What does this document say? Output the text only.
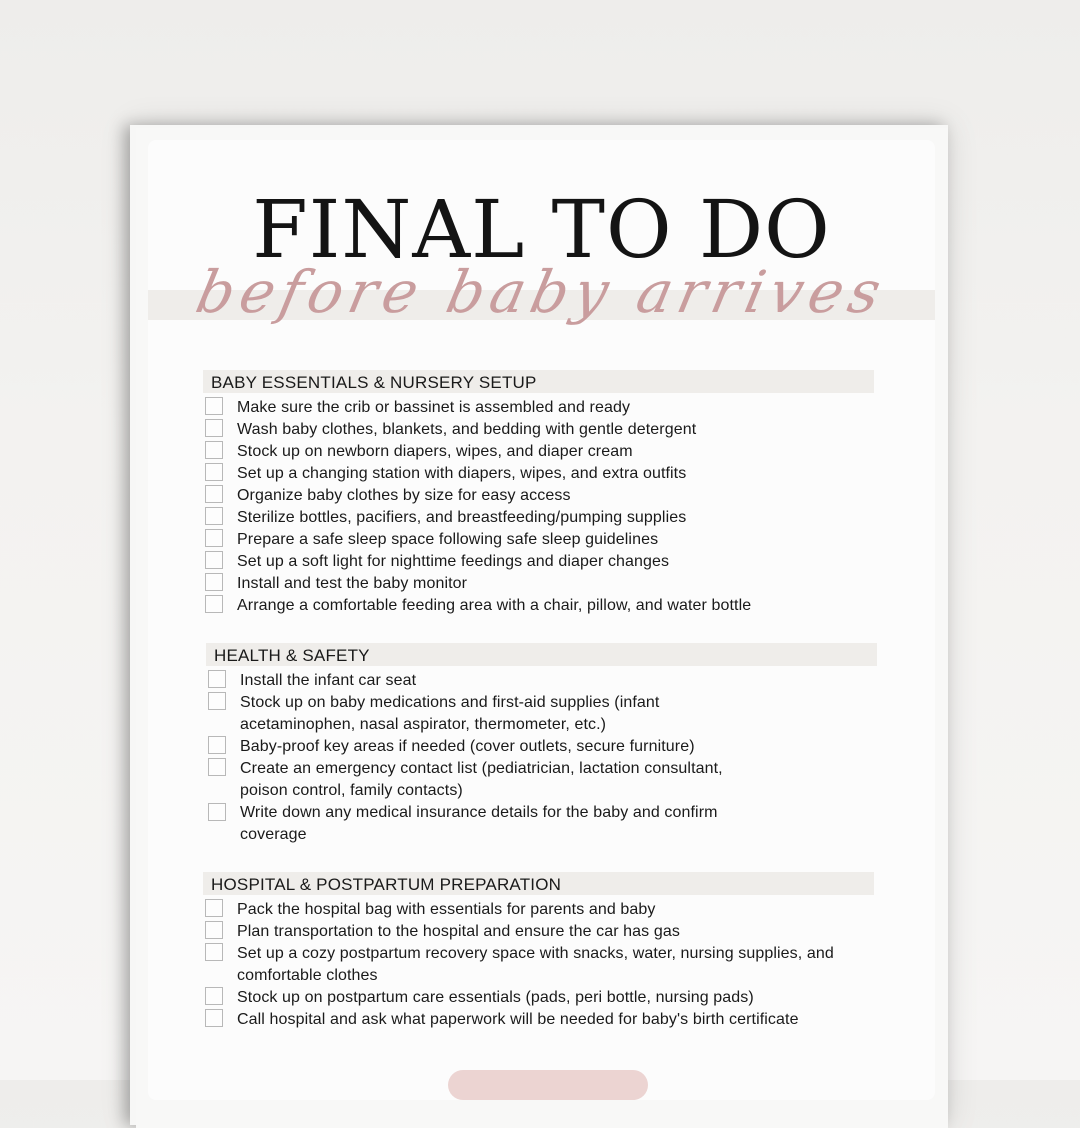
FINAL TO DO
before baby arrives
BABY ESSENTIALS & NURSERY SETUP
Make sure the crib or bassinet is assembled and ready
Wash baby clothes, blankets, and bedding with gentle detergent
Stock up on newborn diapers, wipes, and diaper cream
Set up a changing station with diapers, wipes, and extra outfits
Organize baby clothes by size for easy access
Sterilize bottles, pacifiers, and breastfeeding/pumping supplies
Prepare a safe sleep space following safe sleep guidelines
Set up a soft light for nighttime feedings and diaper changes
Install and test the baby monitor
Arrange a comfortable feeding area with a chair, pillow, and water bottle
HEALTH & SAFETY
Install the infant car seat
Stock up on baby medications and first-aid supplies (infant acetaminophen, nasal aspirator, thermometer, etc.)
Baby-proof key areas if needed (cover outlets, secure furniture)
Create an emergency contact list (pediatrician, lactation consultant, poison control, family contacts)
Write down any medical insurance details for the baby and confirm coverage
HOSPITAL & POSTPARTUM PREPARATION
Pack the hospital bag with essentials for parents and baby
Plan transportation to the hospital and ensure the car has gas
Set up a cozy postpartum recovery space with snacks, water, nursing supplies, and comfortable clothes
Stock up on postpartum care essentials (pads, peri bottle, nursing pads)
Call hospital and ask what paperwork will be needed for baby's birth certificate
